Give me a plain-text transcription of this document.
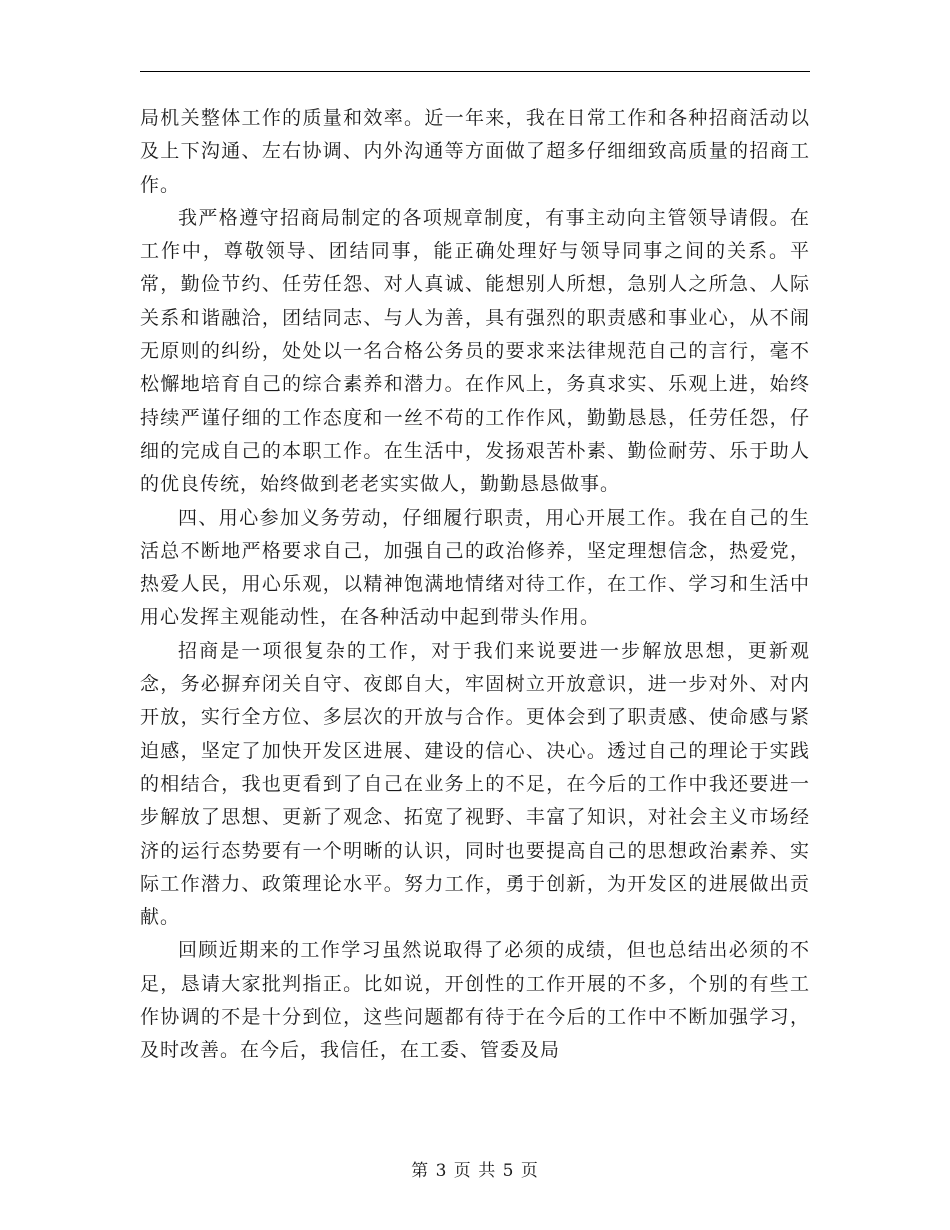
局机关整体工作的质量和效率。近一年来，我在日常工作和各种招商活动以及上下沟通、左右协调、内外沟通等方面做了超多仔细细致高质量的招商工作。

我严格遵守招商局制定的各项规章制度，有事主动向主管领导请假。在工作中，尊敬领导、团结同事，能正确处理好与领导同事之间的关系。平常，勤俭节约、任劳任怨、对人真诚、能想别人所想，急别人之所急、人际关系和谐融洽，团结同志、与人为善，具有强烈的职责感和事业心，从不闹无原则的纠纷，处处以一名合格公务员的要求来法律规范自己的言行，毫不松懈地培育自己的综合素养和潜力。在作风上，务真求实、乐观上进，始终持续严谨仔细的工作态度和一丝不苟的工作作风，勤勤恳恳，任劳任怨，仔细的完成自己的本职工作。在生活中，发扬艰苦朴素、勤俭耐劳、乐于助人的优良传统，始终做到老老实实做人，勤勤恳恳做事。

四、用心参加义务劳动，仔细履行职责，用心开展工作。我在自己的生活总不断地严格要求自己，加强自己的政治修养，坚定理想信念，热爱党，热爱人民，用心乐观，以精神饱满地情绪对待工作，在工作、学习和生活中用心发挥主观能动性，在各种活动中起到带头作用。

招商是一项很复杂的工作，对于我们来说要进一步解放思想，更新观念，务必摒弃闭关自守、夜郎自大，牢固树立开放意识，进一步对外、对内开放，实行全方位、多层次的开放与合作。更体会到了职责感、使命感与紧迫感，坚定了加快开发区进展、建设的信心、决心。透过自己的理论于实践的相结合，我也更看到了自己在业务上的不足，在今后的工作中我还要进一步解放了思想、更新了观念、拓宽了视野、丰富了知识，对社会主义市场经济的运行态势要有一个明晰的认识，同时也要提高自己的思想政治素养、实际工作潜力、政策理论水平。努力工作，勇于创新，为开发区的进展做出贡献。

回顾近期来的工作学习虽然说取得了必须的成绩，但也总结出必须的不足，恳请大家批判指正。比如说，开创性的工作开展的不多，个别的有些工作协调的不是十分到位，这些问题都有待于在今后的工作中不断加强学习，及时改善。在今后，我信任，在工委、管委及局

第 3 页 共 5 页
